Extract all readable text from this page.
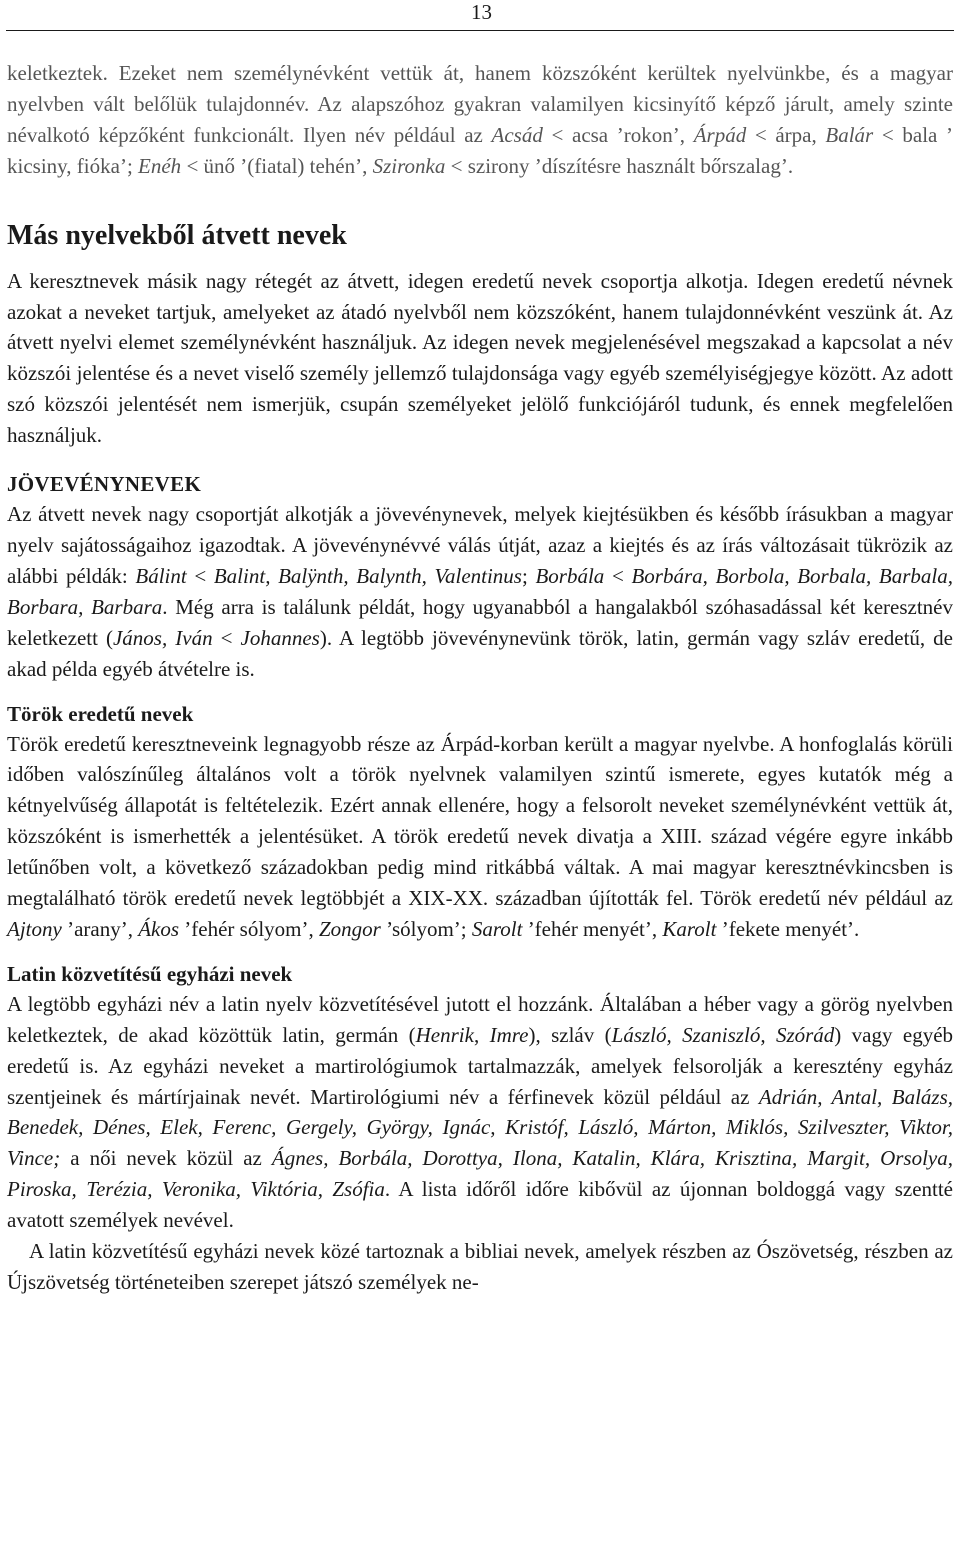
13

keletkeztek. Ezeket nem személynévként vettük át, hanem közszóként kerültek nyelvünkbe, és a magyar nyelvben vált belőlük tulajdonnév. Az alapszóhoz gyakran valamilyen kicsinyítő képző járult, amely szinte névalkotó képzőként funkcionált. Ilyen név például az Acsád < acsa ’rokon’, Árpád < árpa, Balár < bala ’ kicsiny, fióka’; Enéh < ünő ’(fiatal) tehén’, Szironka < szirony ’díszítésre használt bőrszalag’.

Más nyelvekből átvett nevek

A keresztnevek másik nagy rétegét az átvett, idegen eredetű nevek csoportja alkotja. Idegen eredetű névnek azokat a neveket tartjuk, amelyeket az átadó nyelvből nem közszóként, hanem tulajdonnévként veszünk át. Az átvett nyelvi elemet személynévként használjuk. Az idegen nevek megjelenésével megszakad a kapcsolat a név közszói jelentése és a nevet viselő személy jellemző tulajdonsága vagy egyéb személyiségjegye között. Az adott szó közszói jelentését nem ismerjük, csupán személyeket jelölő funkciójáról tudunk, és ennek megfelelően használjuk.

JÖVEVÉNYNEVEK

Az átvett nevek nagy csoportját alkotják a jövevénynevek, melyek kiejtésükben és később írásukban a magyar nyelv sajátosságaihoz igazodtak. A jövevénynévvé válás útját, azaz a kiejtés és az írás változásait tükrözik az alábbi példák: Bálint < Balint, Balÿnth, Balynth, Valentinus; Borbála < Borbára, Borbola, Borbala, Barbala, Borbara, Barbara. Még arra is találunk példát, hogy ugyanabból a hangalakból szóhasadással két keresztnév keletkezett (János, Iván < Johannes). A legtöbb jövevénynevünk török, latin, germán vagy szláv eredetű, de akad példa egyéb átvételre is.

Török eredetű nevek

Török eredetű keresztneveink legnagyobb része az Árpád-korban került a magyar nyelvbe. A honfoglalás körüli időben valószínűleg általános volt a török nyelvnek valamilyen szintű ismerete, egyes kutatók még a kétnyelvűség állapotát is feltételezik. Ezért annak ellenére, hogy a felsorolt neveket személynévként vettük át, közszóként is ismerhették a jelentésüket. A török eredetű nevek divatja a XIII. század végére egyre inkább letűnőben volt, a következő századokban pedig mind ritkábbá váltak. A mai magyar keresztnévkincsben is megtalálható török eredetű nevek legtöbbjét a XIX-XX. században újították fel. Török eredetű név például az Ajtony ’arany’, Ákos ’fehér sólyom’, Zongor ’sólyom’; Sarolt ’fehér menyét’, Karolt ’fekete menyét’.

Latin közvetítésű egyházi nevek

A legtöbb egyházi név a latin nyelv közvetítésével jutott el hozzánk. Általában a héber vagy a görög nyelvben keletkeztek, de akad közöttük latin, germán (Henrik, Imre), szláv (László, Szaniszló, Szórád) vagy egyéb eredetű is. Az egyházi neveket a martirológiumok tartalmazzák, amelyek felsorolják a keresztény egyház szentjeinek és mártírjainak nevét. Martirológiumi név a férfinevek közül például az Adrián, Antal, Balázs, Benedek, Dénes, Elek, Ferenc, Gergely, György, Ignác, Kristóf, László, Márton, Miklós, Szilveszter, Viktor, Vince; a női nevek közül az Ágnes, Borbála, Dorottya, Ilona, Katalin, Klára, Krisztina, Margit, Orsolya, Piroska, Terézia, Veronika, Viktória, Zsófia. A lista időről időre kibővül az újonnan boldoggá vagy szentté avatott személyek nevével.

A latin közvetítésű egyházi nevek közé tartoznak a bibliai nevek, amelyek részben az Ószövetség, részben az Újszövetség történeteiben szerepet játszó személyek ne-
